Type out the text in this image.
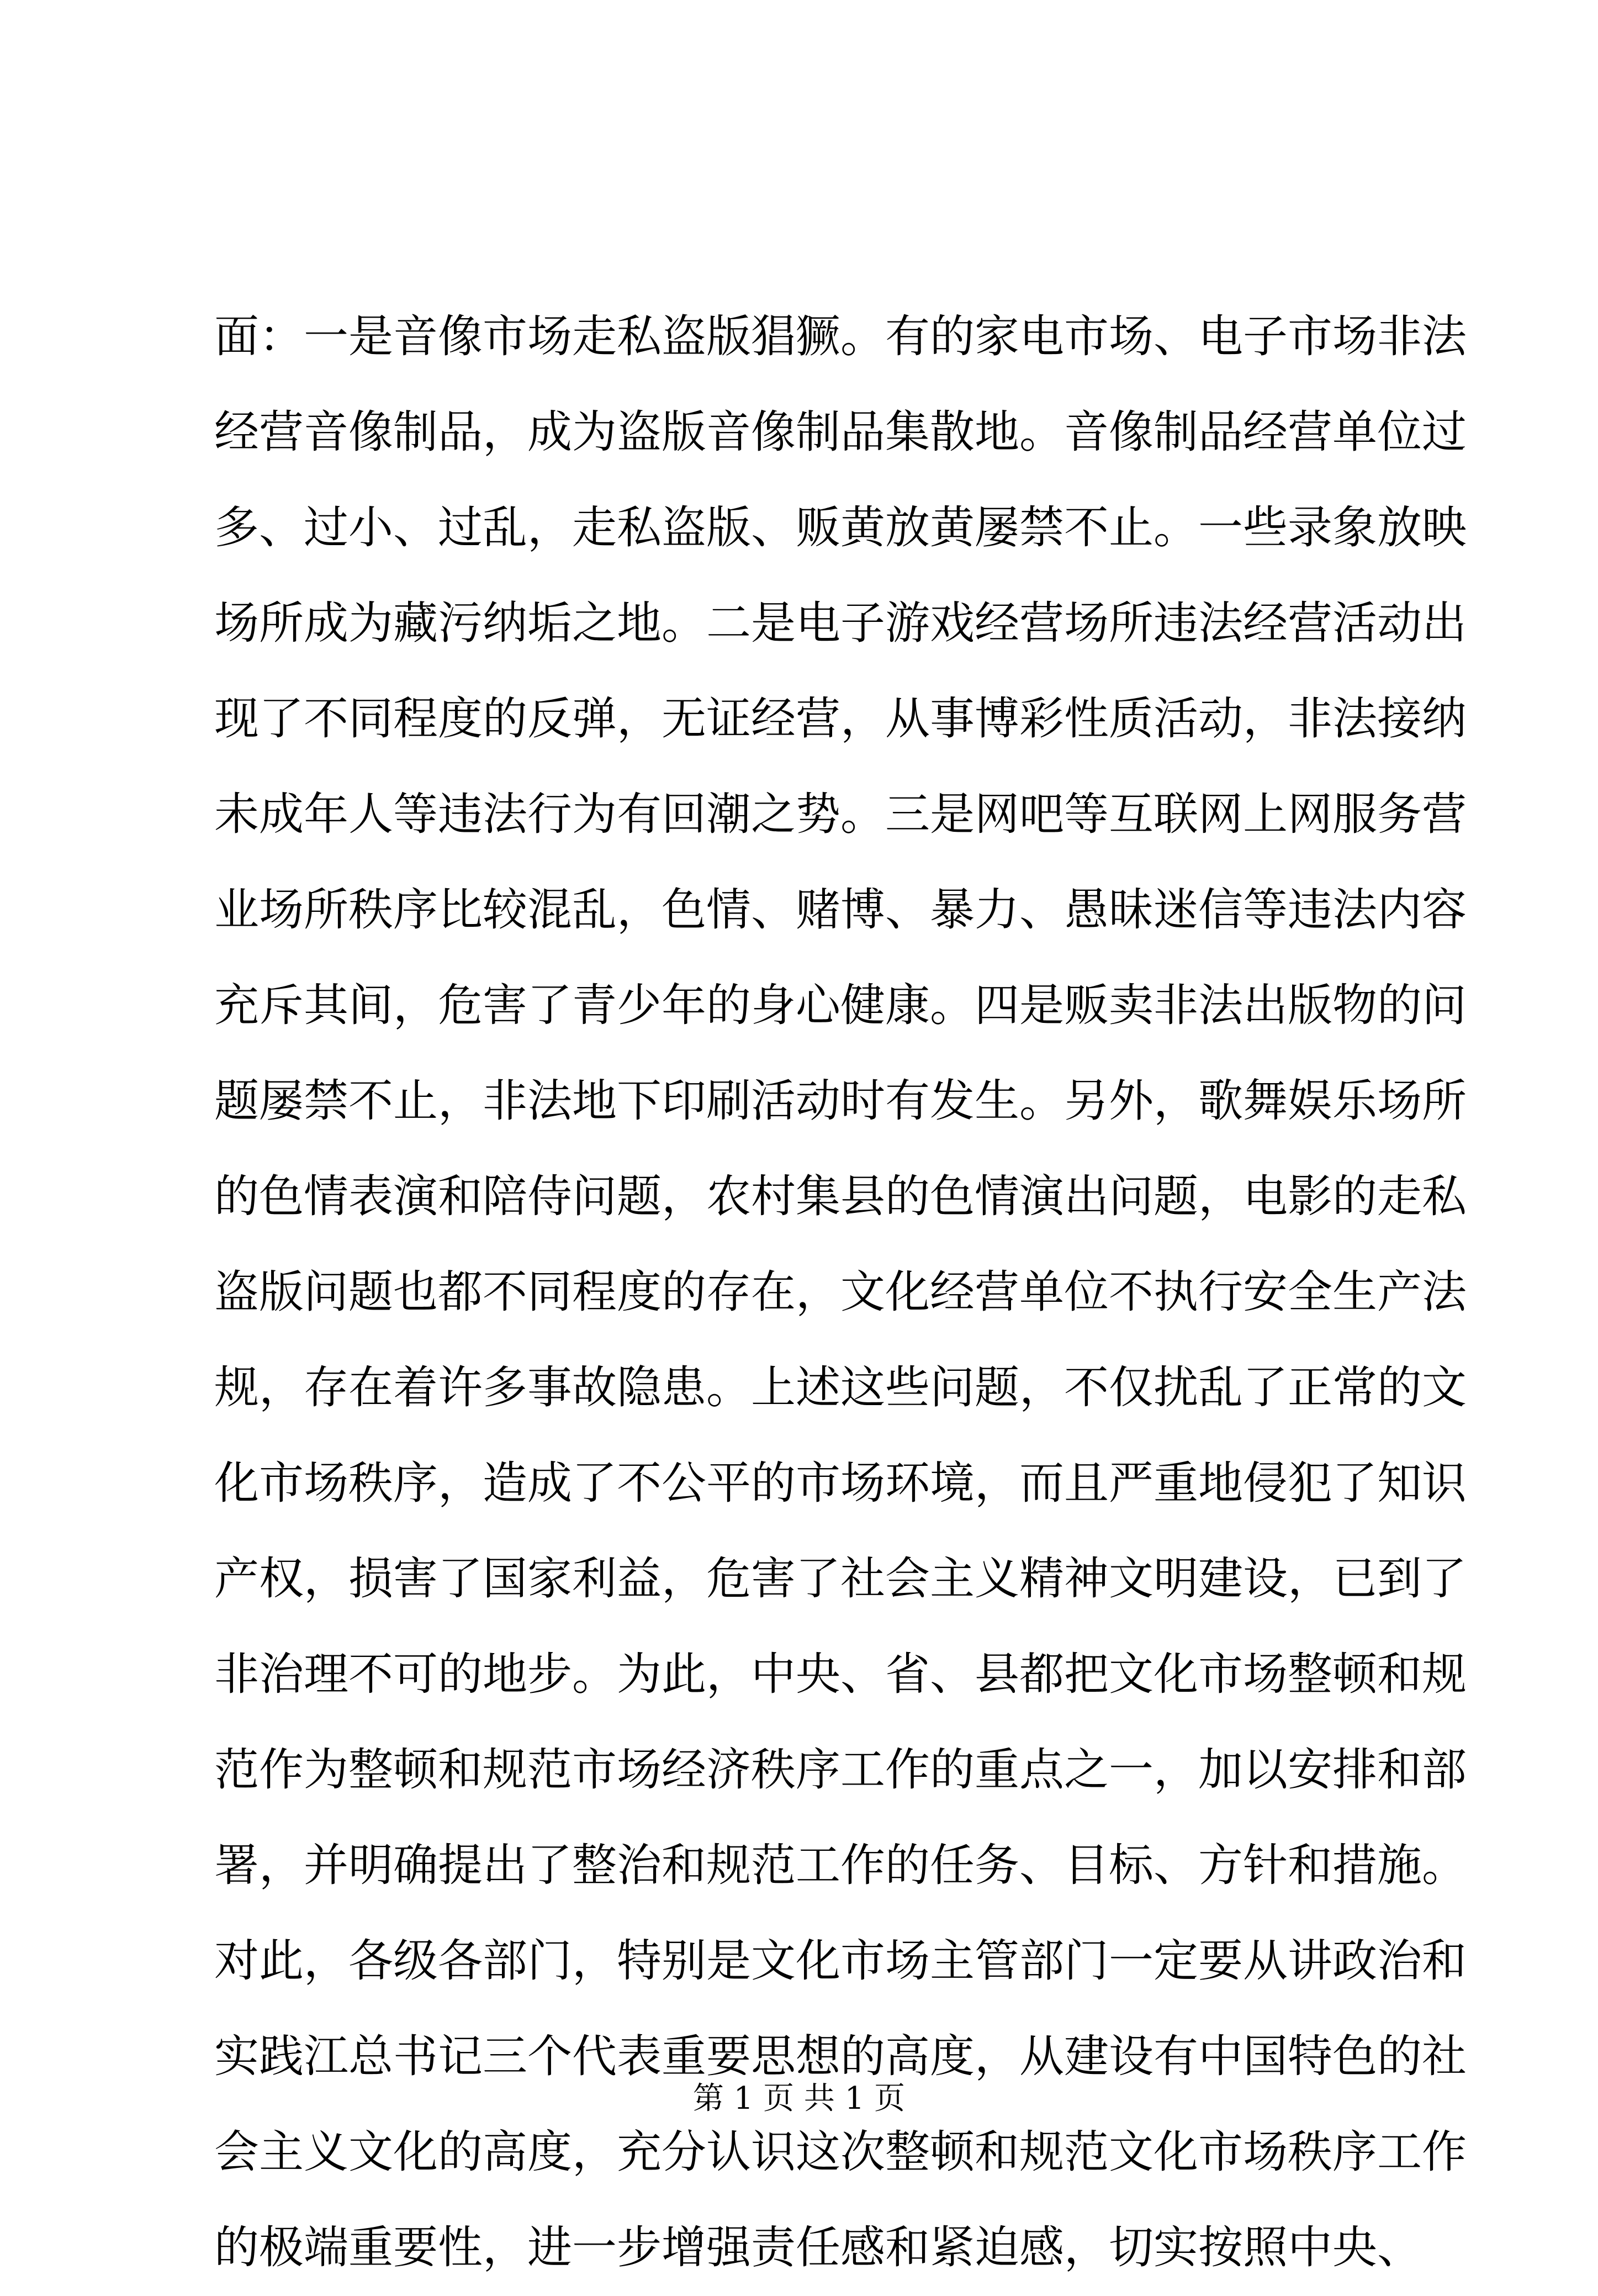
面：一是音像市场走私盗版猖獗。有的家电市场、电子市场非法
经营音像制品，成为盗版音像制品集散地。音像制品经营单位过
多、过小、过乱，走私盗版、贩黄放黄屡禁不止。一些录象放映
场所成为藏污纳垢之地。二是电子游戏经营场所违法经营活动出
现了不同程度的反弹，无证经营，从事博彩性质活动，非法接纳
未成年人等违法行为有回潮之势。三是网吧等互联网上网服务营
业场所秩序比较混乱，色情、赌博、暴力、愚昧迷信等违法内容
充斥其间，危害了青少年的身心健康。四是贩卖非法出版物的问
题屡禁不止，非法地下印刷活动时有发生。另外，歌舞娱乐场所
的色情表演和陪侍问题，农村集县的色情演出问题，电影的走私
盗版问题也都不同程度的存在，文化经营单位不执行安全生产法
规，存在着许多事故隐患。上述这些问题，不仅扰乱了正常的文
化市场秩序，造成了不公平的市场环境，而且严重地侵犯了知识
产权，损害了国家利益，危害了社会主义精神文明建设，已到了
非治理不可的地步。为此，中央、省、县都把文化市场整顿和规
范作为整顿和规范市场经济秩序工作的重点之一，加以安排和部
署，并明确提出了整治和规范工作的任务、目标、方针和措施。
对此，各级各部门，特别是文化市场主管部门一定要从讲政治和
实践江总书记三个代表重要思想的高度，从建设有中国特色的社
会主义文化的高度，充分认识这次整顿和规范文化市场秩序工作
的极端重要性，进一步增强责任感和紧迫感，切实按照中央、
第 1 页 共 1 页
